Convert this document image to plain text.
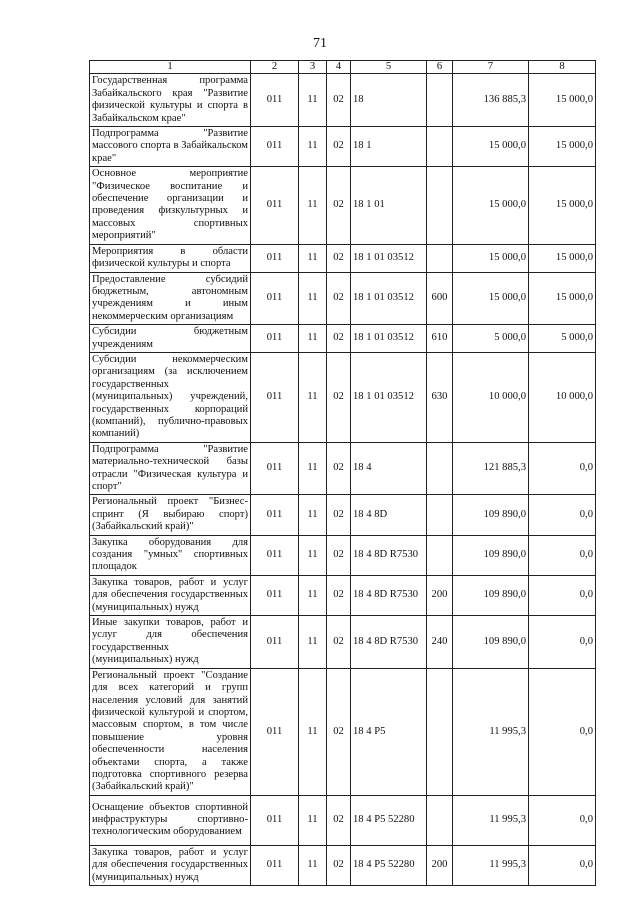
71
1	2	3	4	5	6	7	8
Государственная программа Забайкальского края "Развитие физической культуры и спорта в Забайкальском крае"	011	11	02	18		136 885,3	15 000,0
Подпрограмма "Развитие массового спорта в Забайкальском крае"	011	11	02	18 1		15 000,0	15 000,0
Основное мероприятие "Физическое воспитание и обеспечение организации и проведения физкультурных и массовых спортивных мероприятий"	011	11	02	18 1 01		15 000,0	15 000,0
Мероприятия в области физической культуры и спорта	011	11	02	18 1 01 03512		15 000,0	15 000,0
Предоставление субсидий бюджетным, автономным учреждениям и иным некоммерческим организациям	011	11	02	18 1 01 03512	600	15 000,0	15 000,0
Субсидии бюджетным учреждениям	011	11	02	18 1 01 03512	610	5 000,0	5 000,0
Субсидии некоммерческим организациям (за исключением государственных (муниципальных) учреждений, государственных корпораций (компаний), публично-правовых компаний)	011	11	02	18 1 01 03512	630	10 000,0	10 000,0
Подпрограмма "Развитие материально-технической базы отрасли "Физическая культура и спорт"	011	11	02	18 4		121 885,3	0,0
Региональный проект "Бизнес-спринт (Я выбираю спорт) (Забайкальский край)"	011	11	02	18 4 8D		109 890,0	0,0
Закупка оборудования для создания "умных" спортивных площадок	011	11	02	18 4 8D R7530		109 890,0	0,0
Закупка товаров, работ и услуг для обеспечения государственных (муниципальных) нужд	011	11	02	18 4 8D R7530	200	109 890,0	0,0
Иные закупки товаров, работ и услуг для обеспечения государственных (муниципальных) нужд	011	11	02	18 4 8D R7530	240	109 890,0	0,0
Региональный проект "Создание для всех категорий и групп населения условий для занятий физической культурой и спортом, массовым спортом, в том числе повышение уровня обеспеченности населения объектами спорта, а также подготовка спортивного резерва (Забайкальский край)"	011	11	02	18 4 P5		11 995,3	0,0
Оснащение объектов спортивной инфраструктуры спортивно-технологическим оборудованием	011	11	02	18 4 P5 52280		11 995,3	0,0
Закупка товаров, работ и услуг для обеспечения государственных (муниципальных) нужд	011	11	02	18 4 P5 52280	200	11 995,3	0,0
